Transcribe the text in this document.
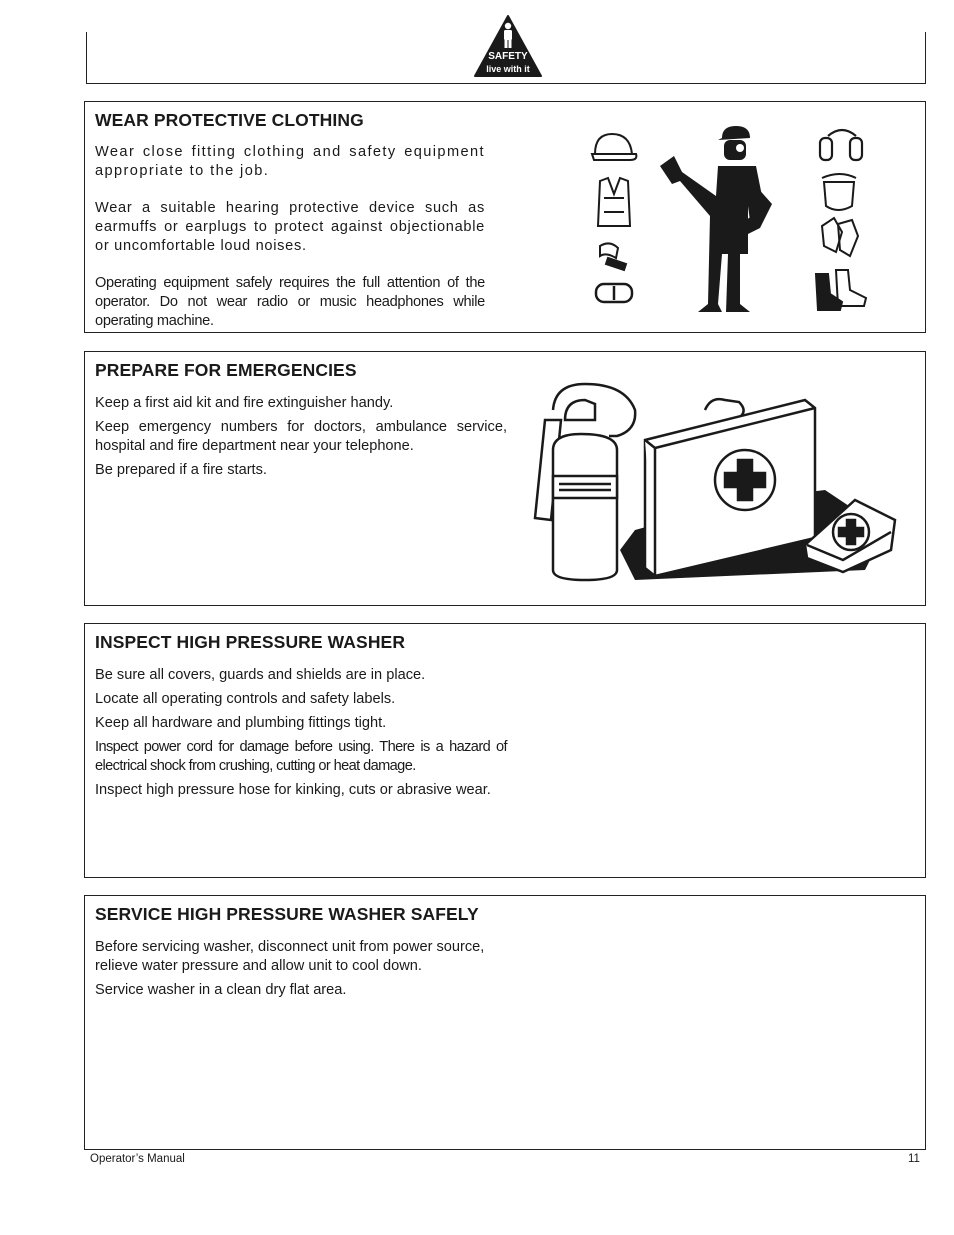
SAFETY
live with it
WEAR PROTECTIVE CLOTHING

Wear close fitting clothing and safety equipment appropriate to the job.

Wear a suitable hearing protective device such as earmuffs or earplugs to protect against objectionable or uncomfortable loud noises.

Operating equipment safely requires the full attention of the operator. Do not wear radio or music headphones while operating machine.

PREPARE FOR EMERGENCIES

Keep a first aid kit and fire extinguisher handy.

Keep emergency numbers for doctors, ambulance service, hospital and fire department near your telephone.

Be prepared if a fire starts.

INSPECT HIGH PRESSURE WASHER

Be sure all covers, guards and shields are in place.

Locate all operating controls and safety labels.

Keep all hardware and plumbing fittings tight.

Inspect power cord for damage before using. There is a hazard of electrical shock from crushing, cutting or heat damage.

Inspect high pressure hose for kinking, cuts or abrasive wear.

SERVICE HIGH PRESSURE WASHER SAFELY

Before servicing washer, disconnect unit from power source, relieve water pressure and allow unit to cool down.

Service washer in a clean dry flat area.

Operator’s Manual	11
